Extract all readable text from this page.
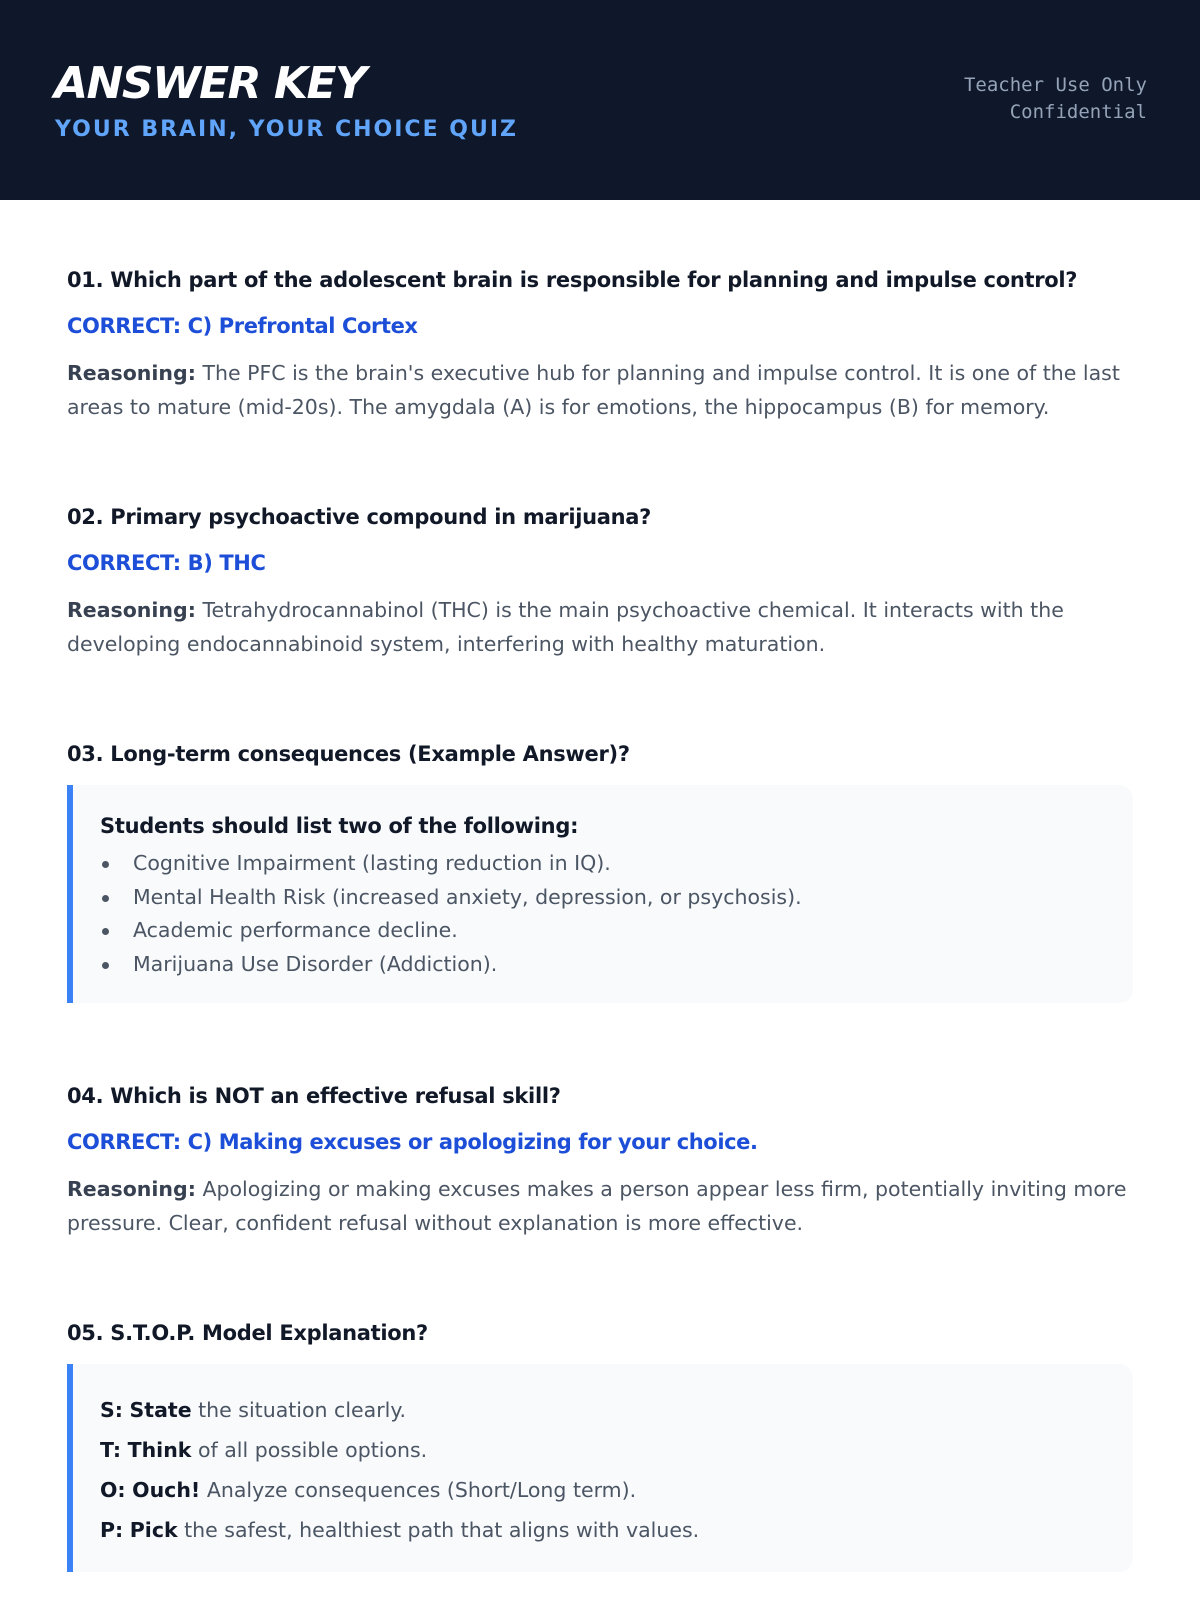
ANSWER KEY
YOUR BRAIN, YOUR CHOICE QUIZ
Teacher Use Only
Confidential
01. Which part of the adolescent brain is responsible for planning and impulse control?
CORRECT: C) Prefrontal Cortex
Reasoning: The PFC is the brain's executive hub for planning and impulse control. It is one of the last areas to mature (mid-20s). The amygdala (A) is for emotions, the hippocampus (B) for memory.
02. Primary psychoactive compound in marijuana?
CORRECT: B) THC
Reasoning: Tetrahydrocannabinol (THC) is the main psychoactive chemical. It interacts with the developing endocannabinoid system, interfering with healthy maturation.
03. Long-term consequences (Example Answer)?
Students should list two of the following:
Cognitive Impairment (lasting reduction in IQ).
Mental Health Risk (increased anxiety, depression, or psychosis).
Academic performance decline.
Marijuana Use Disorder (Addiction).
04. Which is NOT an effective refusal skill?
CORRECT: C) Making excuses or apologizing for your choice.
Reasoning: Apologizing or making excuses makes a person appear less firm, potentially inviting more pressure. Clear, confident refusal without explanation is more effective.
05. S.T.O.P. Model Explanation?
S: State the situation clearly.
T: Think of all possible options.
O: Ouch! Analyze consequences (Short/Long term).
P: Pick the safest, healthiest path that aligns with values.
